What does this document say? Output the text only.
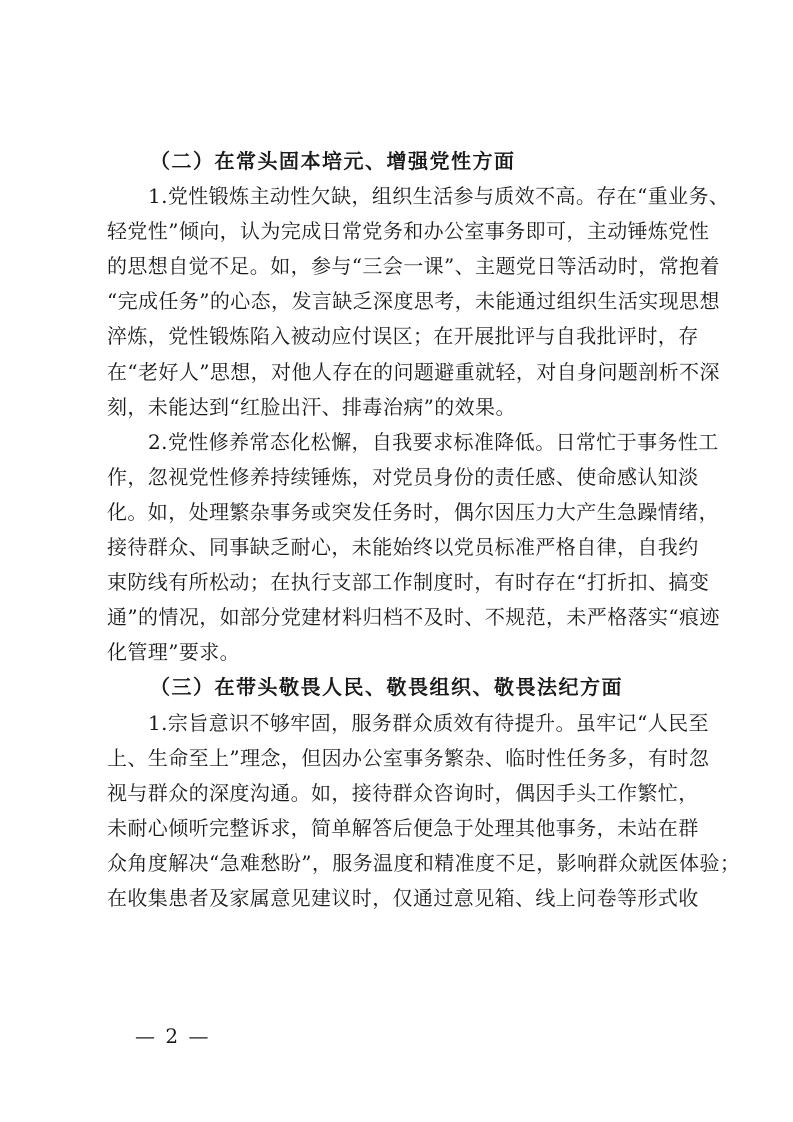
（二）在常头固本培元、增强党性方面
1.党性锻炼主动性欠缺，组织生活参与质效不高。存在“重业务、
轻党性”倾向，认为完成日常党务和办公室事务即可，主动锤炼党性
的思想自觉不足。如，参与“三会一课”、主题党日等活动时，常抱着
“完成任务”的心态，发言缺乏深度思考，未能通过组织生活实现思想
淬炼，党性锻炼陷入被动应付误区；在开展批评与自我批评时，存
在“老好人”思想，对他人存在的问题避重就轻，对自身问题剖析不深
刻，未能达到“红脸出汗、排毒治病”的效果。
2.党性修养常态化松懈，自我要求标准降低。日常忙于事务性工
作，忽视党性修养持续锤炼，对党员身份的责任感、使命感认知淡
化。如，处理繁杂事务或突发任务时，偶尔因压力大产生急躁情绪，
接待群众、同事缺乏耐心，未能始终以党员标准严格自律，自我约
束防线有所松动；在执行支部工作制度时，有时存在“打折扣、搞变
通”的情况，如部分党建材料归档不及时、不规范，未严格落实“痕迹
化管理”要求。
（三）在带头敬畏人民、敬畏组织、敬畏法纪方面
1.宗旨意识不够牢固，服务群众质效有待提升。虽牢记“人民至
上、生命至上”理念，但因办公室事务繁杂、临时性任务多，有时忽
视与群众的深度沟通。如，接待群众咨询时，偶因手头工作繁忙，
未耐心倾听完整诉求，简单解答后便急于处理其他事务，未站在群
众角度解决“急难愁盼”，服务温度和精准度不足，影响群众就医体验；
在收集患者及家属意见建议时，仅通过意见箱、线上问卷等形式收
— 2 —
